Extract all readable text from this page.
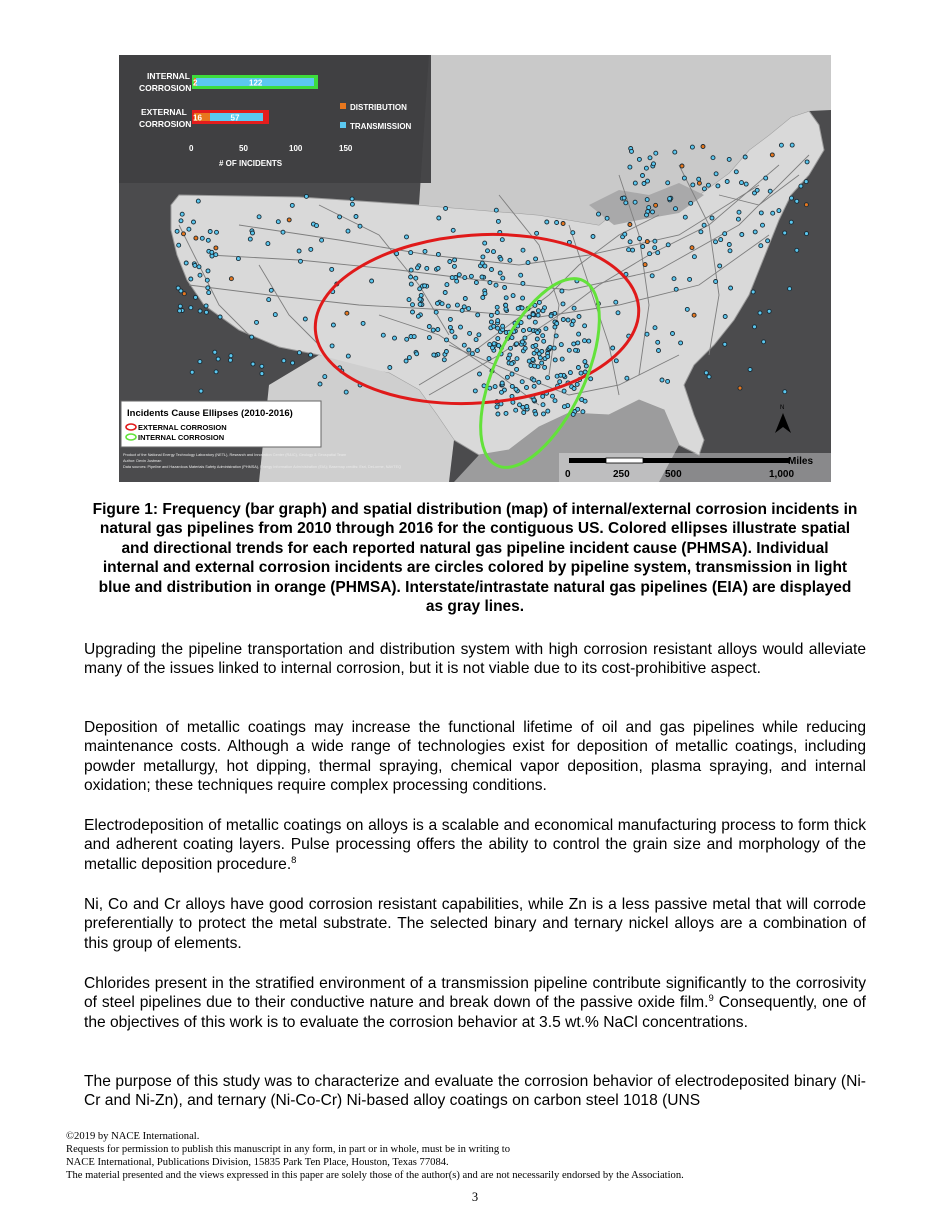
INTERNAL
CORROSION
EXTERNAL
CORROSION
122
2
57
16
0	50	100	150
# OF INCIDENTS
DISTRIBUTION
TRANSMISSION
Incidents Cause Ellipses (2010-2016)
EXTERNAL CORROSION
INTERNAL CORROSION
Product of the National Energy Technology Laboratory (NETL), Research and Innovation Center (R&IC), Geology & Geospatial Team
Author: Devin Justman
Data sources: Pipeline and Hazardous Materials Safety Administration (PHMSA), Energy Information Administration (EIA); Basemap credits: Esri, DeLorme, NAVTEQ
N
Miles
0	250	500	1,000
Figure 1: Frequency (bar graph) and spatial distribution (map) of internal/external corrosion incidents in natural gas pipelines from 2010 through 2016 for the contiguous US. Colored ellipses illustrate spatial and directional trends for each reported natural gas pipeline incident cause (PHMSA). Individual internal and external corrosion incidents are circles colored by pipeline system, transmission in light blue and distribution in orange (PHMSA). Interstate/intrastate natural gas pipelines (EIA) are displayed as gray lines.

Upgrading the pipeline transportation and distribution system with high corrosion resistant alloys would alleviate many of the issues linked to internal corrosion, but it is not viable due to its cost-prohibitive aspect.

Deposition of metallic coatings may increase the functional lifetime of oil and gas pipelines while reducing maintenance costs. Although a wide range of technologies exist for deposition of metallic coatings, including powder metallurgy, hot dipping, thermal spraying, chemical vapor deposition, plasma spraying, and internal oxidation; these techniques require complex processing conditions.

Electrodeposition of metallic coatings on alloys is a scalable and economical manufacturing process to form thick and adherent coating layers. Pulse processing offers the ability to control the grain size and morphology of the metallic deposition procedure.$^8$

Ni, Co and Cr alloys have good corrosion resistant capabilities, while Zn is a less passive metal that will corrode preferentially to protect the metal substrate. The selected binary and ternary nickel alloys are a combination of this group of elements.

Chlorides present in the stratified environment of a transmission pipeline contribute significantly to the corrosivity of steel pipelines due to their conductive nature and break down of the passive oxide film.$^9$ Consequently, one of the objectives of this work is to evaluate the corrosion behavior at 3.5 wt.% NaCl concentrations.

The purpose of this study was to characterize and evaluate the corrosion behavior of electrodeposited binary (Ni-Cr and Ni-Zn), and ternary (Ni-Co-Cr) Ni-based alloy coatings on carbon steel 1018 (UNS

©2019 by NACE International.
Requests for permission to publish this manuscript in any form, in part or in whole, must be in writing to
NACE International, Publications Division, 15835 Park Ten Place, Houston, Texas 77084.
The material presented and the views expressed in this paper are solely those of the author(s) and are not necessarily endorsed by the Association.
3
